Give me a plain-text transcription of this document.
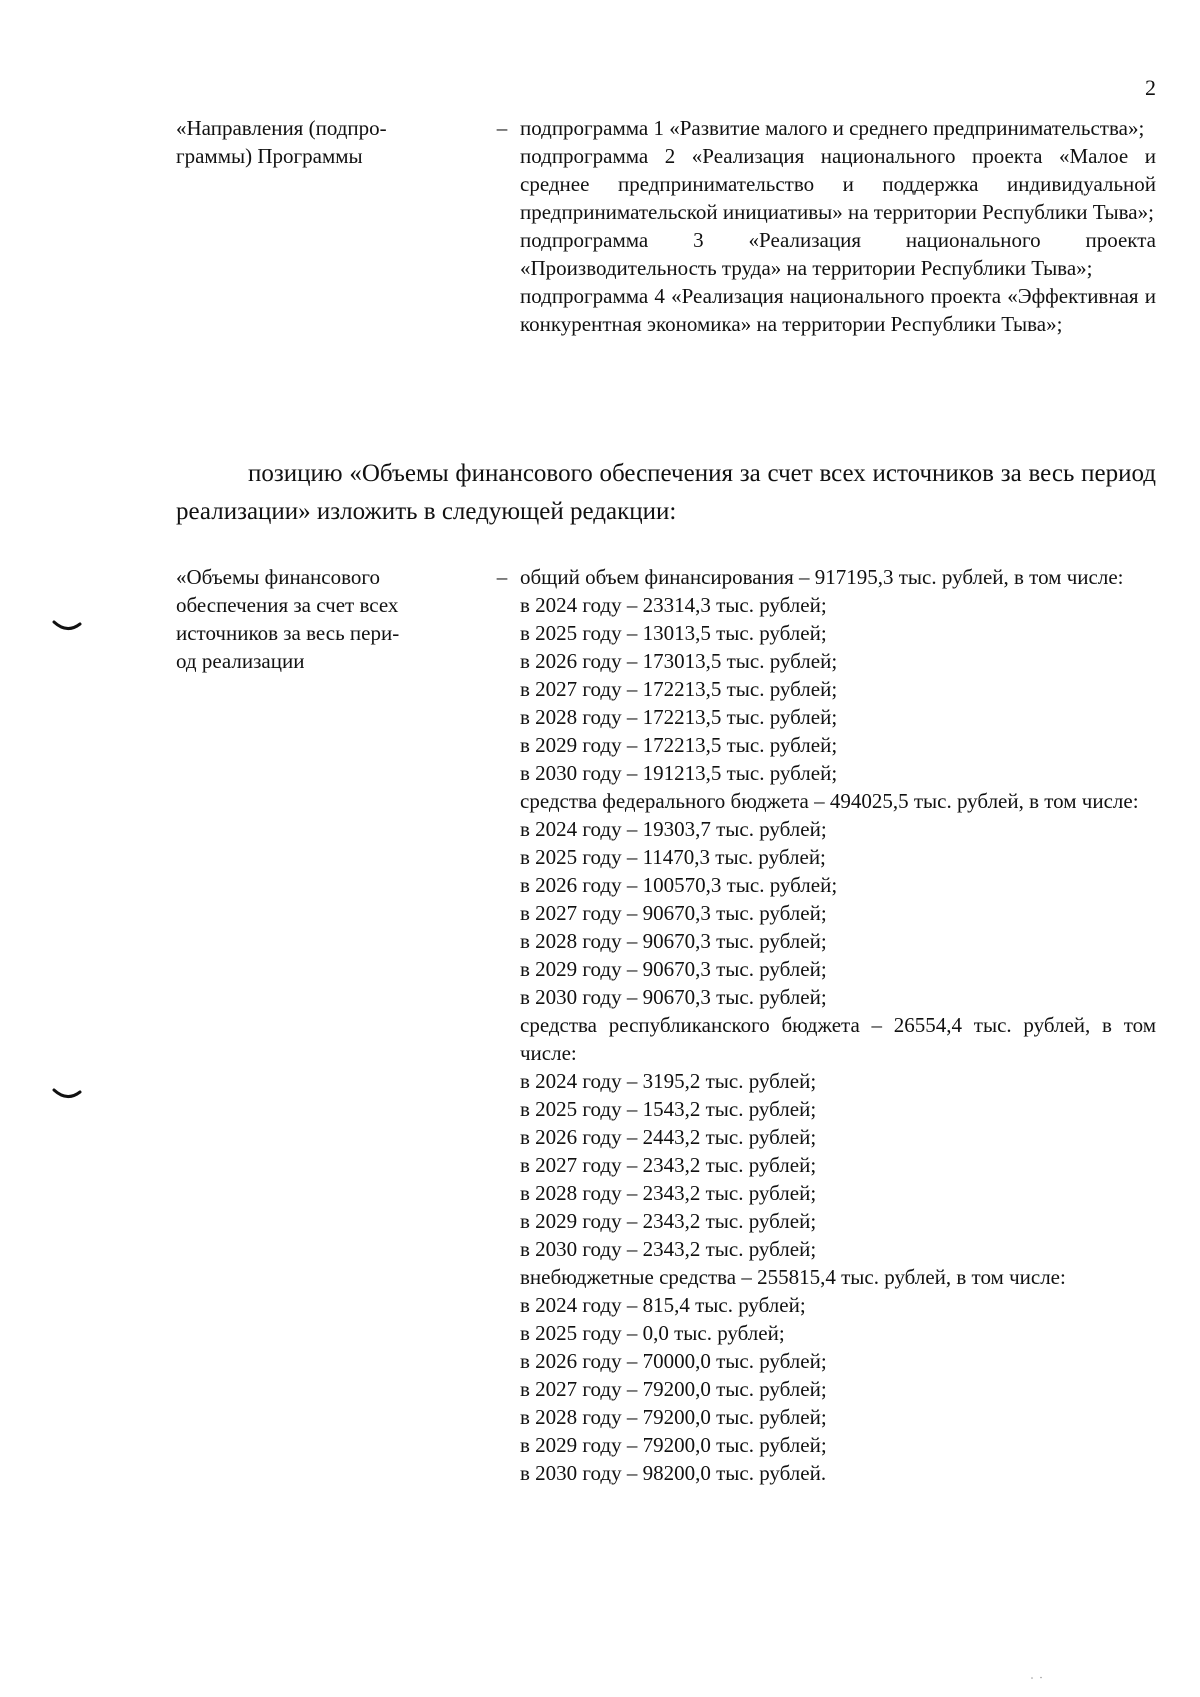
2
«Направления (подпро-
граммы) Программы
– подпрограмма 1 «Развитие малого и среднего предпринимательства»;

подпрограмма 2 «Реализация национального проекта «Малое и среднее предпринимательство и поддержка индивидуальной предпринимательской инициативы» на территории Республики Тыва»;

подпрограмма 3 «Реализация национального проекта «Производительность труда» на территории Республики Тыва»;

подпрограмма 4 «Реализация национального проекта «Эффективная и конкурентная экономика» на территории Республики Тыва»;

позицию «Объемы финансового обеспечения за счет всех источников за весь период реализации» изложить в следующей редакции:
«Объемы финансового
обеспечения за счет всех
источников за весь пери-
од реализации
– общий объем финансирования – 917195,3 тыс. рублей, в том числе:

в 2024 году – 23314,3 тыс. рублей;
в 2025 году – 13013,5 тыс. рублей;
в 2026 году – 173013,5 тыс. рублей;
в 2027 году – 172213,5 тыс. рублей;
в 2028 году – 172213,5 тыс. рублей;
в 2029 году – 172213,5 тыс. рублей;
в 2030 году – 191213,5 тыс. рублей;

средства федерального бюджета – 494025,5 тыс. рублей, в том числе:

в 2024 году – 19303,7 тыс. рублей;
в 2025 году – 11470,3 тыс. рублей;
в 2026 году – 100570,3 тыс. рублей;
в 2027 году – 90670,3 тыс. рублей;
в 2028 году – 90670,3 тыс. рублей;
в 2029 году – 90670,3 тыс. рублей;
в 2030 году – 90670,3 тыс. рублей;

средства республиканского бюджета – 26554,4 тыс. рублей, в том числе:

в 2024 году – 3195,2 тыс. рублей;
в 2025 году – 1543,2 тыс. рублей;
в 2026 году – 2443,2 тыс. рублей;
в 2027 году – 2343,2 тыс. рублей;
в 2028 году – 2343,2 тыс. рублей;
в 2029 году – 2343,2 тыс. рублей;
в 2030 году – 2343,2 тыс. рублей;

внебюджетные средства – 255815,4 тыс. рублей, в том числе:

в 2024 году – 815,4 тыс. рублей;
в 2025 году – 0,0 тыс. рублей;
в 2026 году – 70000,0 тыс. рублей;
в 2027 году – 79200,0 тыс. рублей;
в 2028 году – 79200,0 тыс. рублей;
в 2029 году – 79200,0 тыс. рублей;
в 2030 году – 98200,0 тыс. рублей.
